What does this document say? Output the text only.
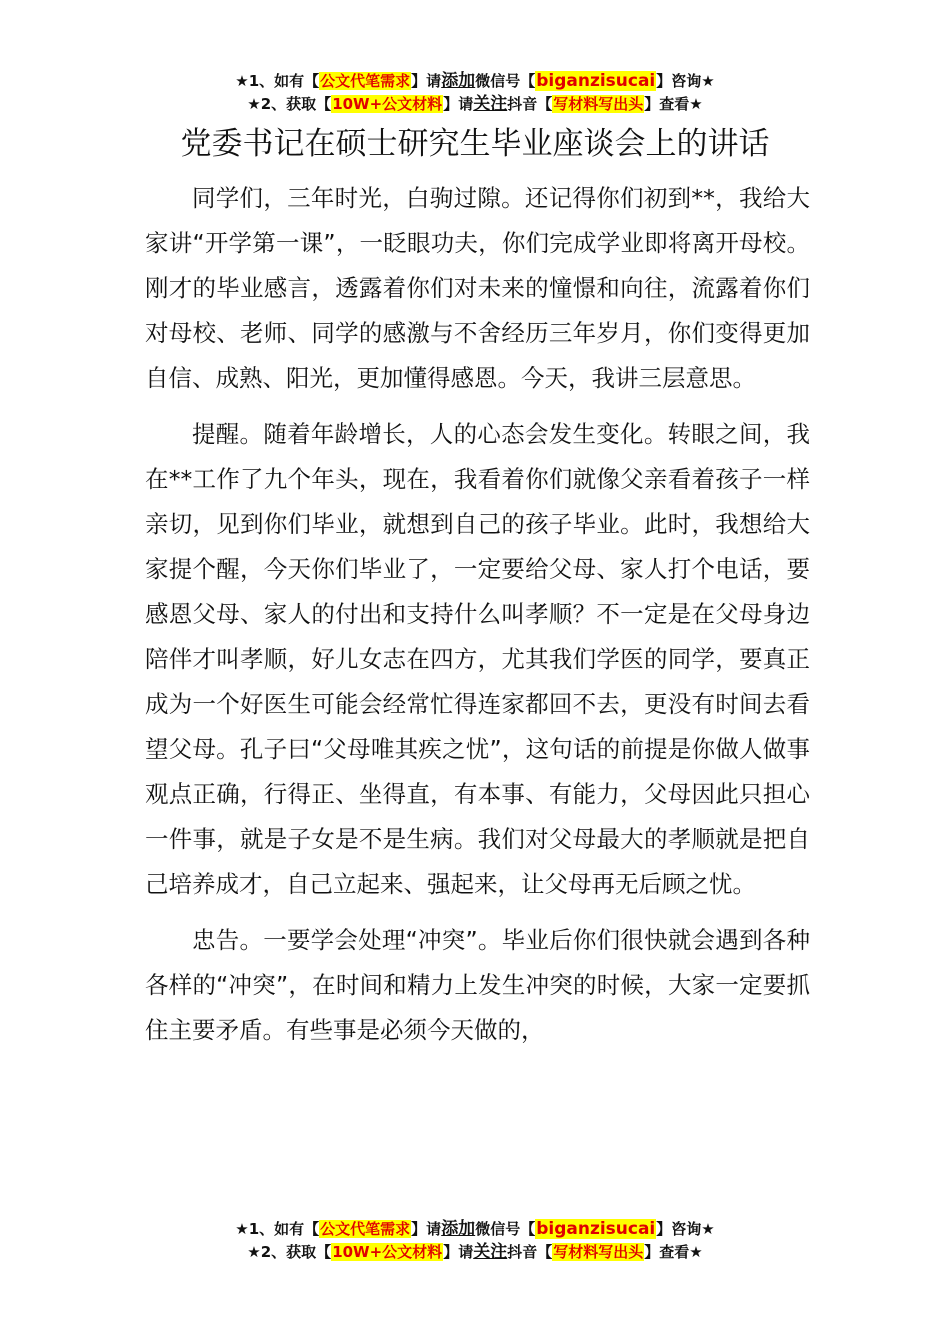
★1、如有【公文代笔需求】请添加微信号【biganzisucai】咨询★
★2、获取【10W+公文材料】请关注抖音【写材料写出头】查看★
党委书记在硕士研究生毕业座谈会上的讲话

同学们，三年时光，白驹过隙。还记得你们初到**，我给大家讲“开学第一课”，一眨眼功夫，你们完成学业即将离开母校。刚才的毕业感言，透露着你们对未来的憧憬和向往，流露着你们对母校、老师、同学的感激与不舍经历三年岁月，你们变得更加自信、成熟、阳光，更加懂得感恩。今天，我讲三层意思。

提醒。随着年龄增长，人的心态会发生变化。转眼之间，我在**工作了九个年头，现在，我看着你们就像父亲看着孩子一样亲切，见到你们毕业，就想到自己的孩子毕业。此时，我想给大家提个醒，今天你们毕业了，一定要给父母、家人打个电话，要感恩父母、家人的付出和支持什么叫孝顺？不一定是在父母身边陪伴才叫孝顺，好儿女志在四方，尤其我们学医的同学，要真正成为一个好医生可能会经常忙得连家都回不去，更没有时间去看望父母。孔子曰“父母唯其疾之忧”，这句话的前提是你做人做事观点正确，行得正、坐得直，有本事、有能力，父母因此只担心一件事，就是子女是不是生病。我们对父母最大的孝顺就是把自己培养成才，自己立起来、强起来，让父母再无后顾之忧。

忠告。一要学会处理“冲突”。毕业后你们很快就会遇到各种各样的“冲突”，在时间和精力上发生冲突的时候，大家一定要抓住主要矛盾。有些事是必须今天做的，

★1、如有【公文代笔需求】请添加微信号【biganzisucai】咨询★
★2、获取【10W+公文材料】请关注抖音【写材料写出头】查看★
